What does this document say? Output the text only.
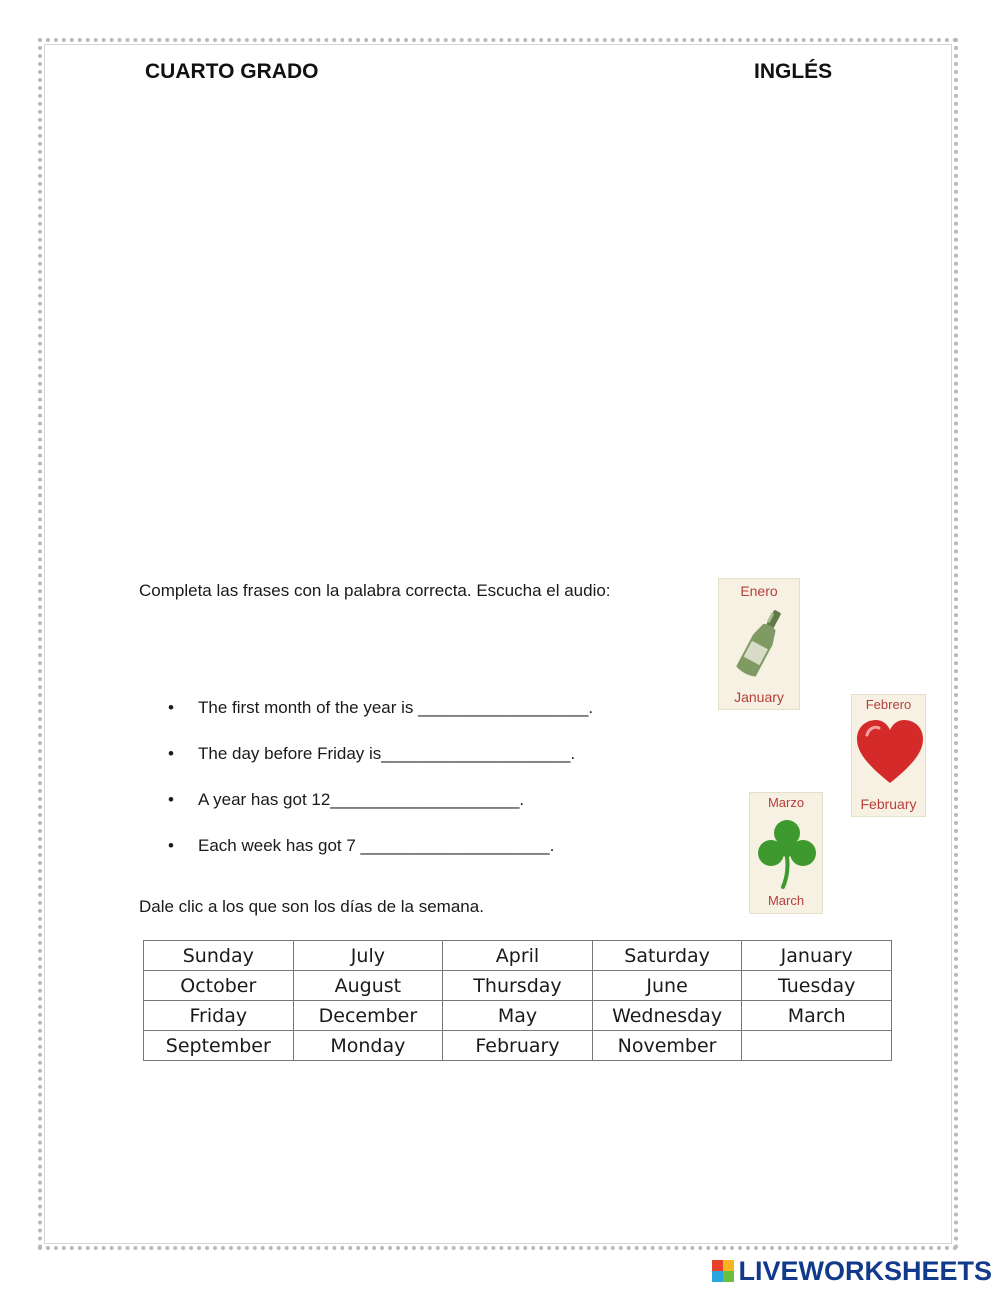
CUARTO GRADO	INGLÉS
Completa las frases con la palabra correcta. Escucha el audio:
• The first month of the year is __________________.
• The day before Friday is____________________.
• A year has got 12____________________.
• Each week has got 7 ____________________.
Enero
January	Febrero
February
Marzo
March
Dale clic a los que son los días de la semana.
Sunday	July	April	Saturday	January
October	August	Thursday	June	Tuesday
Friday	December	May	Wednesday	March
September	Monday	February	November	
LIVEWORKSHEETS
